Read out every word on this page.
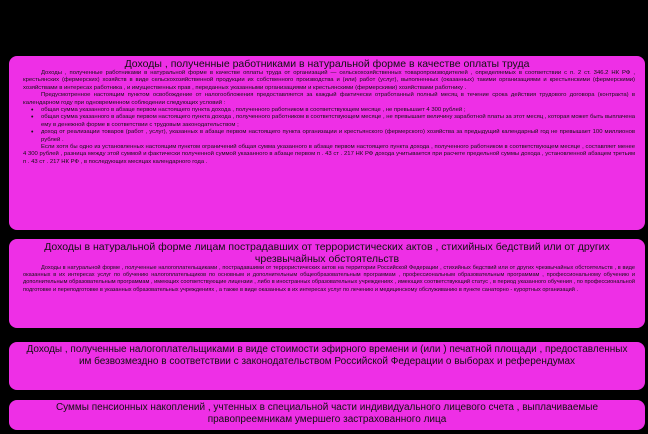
Доходы , полученные работниками в натуральной форме в качестве оплаты труда

Доходы , полученные работниками в натуральной форме в качестве оплаты труда от организаций — сельскохозяйственных товаропроизводителей , определяемых в соответствии с п. 2 ст. 346.2 НК РФ , крестьянских (фермерских) хозяйств в виде сельскохозяйственной продукции их собственного производства и (или) работ (услуг), выполненных (оказанных) такими организациями и крестьянскими (фермерскими) хозяйствами в интересах работника , и имущественных прав , переданных указанными организациями и крестьянскими (фермерскими) хозяйствами работнику .

Предусмотренное настоящим пунктом освобождение от налогообложения предоставляется за каждый фактически отработанный полный месяц в течение срока действия трудового договора (контракта) в календарном году при одновременном соблюдении следующих условий :

• общая сумма указанного в абзаце первом настоящего пункта дохода , полученного работником в соответствующем месяце , не превышает 4 300 рублей ;
• общая сумма указанного в абзаце первом настоящего пункта дохода , полученного работником в соответствующем месяце , не превышает величину заработной платы за этот месяц , которая может быть выплачена ему в денежной форме в соответствии с трудовым законодательством ;
• доход от реализации товаров (работ , услуг), указанных в абзаце первом настоящего пункта организации и крестьянского (фермерского) хозяйства за предыдущий календарный год не превышает 100 миллионов рублей .

Если хотя бы одно из установленных настоящим пунктом ограничений общая сумма указанного в абзаце первом настоящего пункта дохода , полученного работником в соответствующем месяце , составляет менее 4 300 рублей , разница между этой суммой и фактически полученной суммой указанного в абзаце первом п . 43 ст . 217 НК РФ дохода учитывается при расчете предельной суммы дохода , установленной абзацем третьим п . 43 ст . 217 НК РФ , в последующих месяцах календарного года .

Доходы в натуральной форме лицам пострадавших от террористических актов , стихийных бедствий или от других чрезвычайных обстоятельств

Доходы в натуральной форме , полученные налогоплательщиками , пострадавшими от террористических актов на территории Российской Федерации , стихийных бедствий или от других чрезвычайных обстоятельств , в виде оказанных в их интересах услуг по обучению налогоплательщиков по основным и дополнительным общеобразовательным программам , профессиональным образовательным программам , профессиональному обучению и дополнительным образовательным программам , имеющих соответствующие лицензии , либо в иностранных образовательных учреждениях , имеющих соответствующий статус , в период указанного обучения , по профессиональной подготовке и переподготовке в указанных образовательных учреждениях , а также в виде оказанных в их интересах услуг по лечению и медицинскому обслуживанию в пункте санаторно - курортных организаций .

Доходы , полученные налогоплательщиками в виде стоимости эфирного времени и (или ) печатной площади , предоставленных им безвозмездно в соответствии с законодательством Российской Федерации о выборах и референдумах
Суммы пенсионных накоплений , учтенных в специальной части индивидуального лицевого счета , выплачиваемые правопреемникам умершего застрахованного лица
